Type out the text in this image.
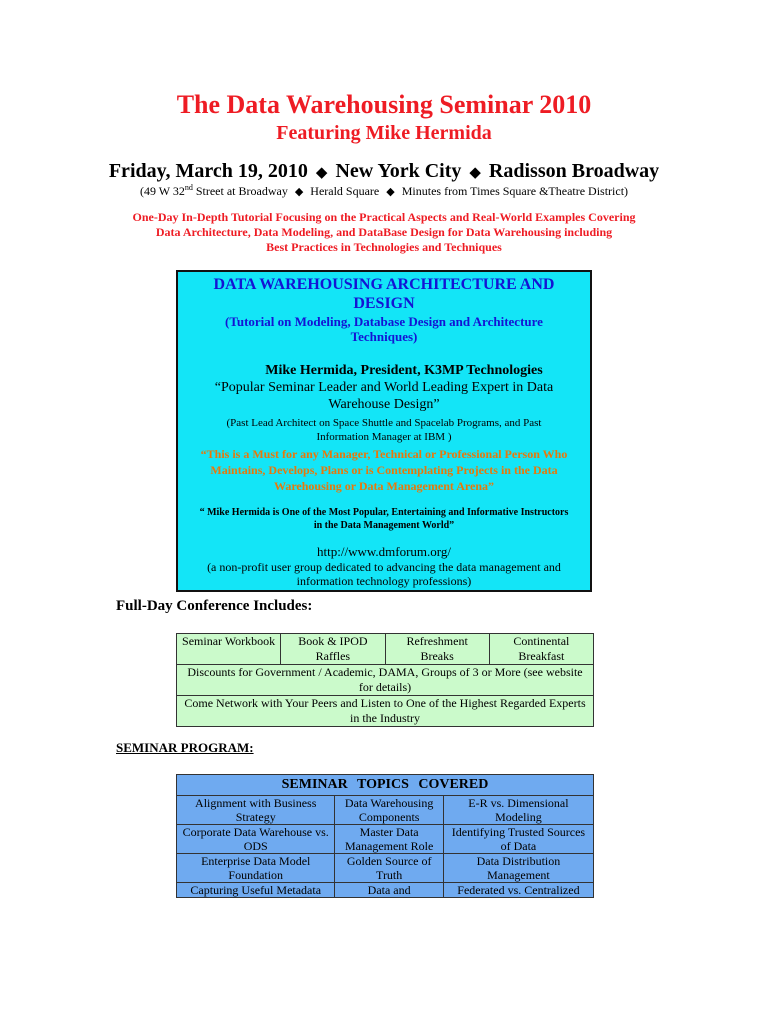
The Data Warehousing Seminar 2010
Featuring Mike Hermida
Friday, March 19, 2010 ◆ New York City ◆ Radisson Broadway
(49 W 32nd Street at Broadway ◆ Herald Square ◆ Minutes from Times Square &Theatre District)
One-Day In-Depth Tutorial Focusing on the Practical Aspects and Real-World Examples Covering
Data Architecture, Data Modeling, and DataBase Design for Data Warehousing including
Best Practices in Technologies and Techniques
DATA WAREHOUSING ARCHITECTURE AND DESIGN
(Tutorial on Modeling, Database Design and Architecture Techniques)
Mike Hermida, President, K3MP Technologies
“Popular Seminar Leader and World Leading Expert in Data Warehouse Design”
(Past Lead Architect on Space Shuttle and Spacelab Programs, and Past Information Manager at IBM )
“This is a Must for any Manager, Technical or Professional Person Who Maintains, Develops, Plans or is Contemplating Projects in the Data Warehousing or Data Management Arena”
“ Mike Hermida is One of the Most Popular, Entertaining and Informative Instructors in the Data Management World”
http://www.dmforum.org/
(a non-profit user group dedicated to advancing the data management and information technology professions)
Full-Day Conference Includes:
Seminar Workbook	Book & IPOD Raffles	Refreshment Breaks	Continental Breakfast
Discounts for Government / Academic, DAMA, Groups of 3 or More (see website for details)
Come Network with Your Peers and Listen to One of the Highest Regarded Experts in the Industry
SEMINAR PROGRAM:
SEMINAR TOPICS COVERED		
Alignment with Business Strategy	Data Warehousing Components	E-R vs. Dimensional Modeling
Corporate Data Warehouse vs. ODS	Master Data Management Role	Identifying Trusted Sources of Data
Enterprise Data Model Foundation	Golden Source of Truth	Data Distribution Management
Capturing Useful Metadata	Data and	Federated vs. Centralized
